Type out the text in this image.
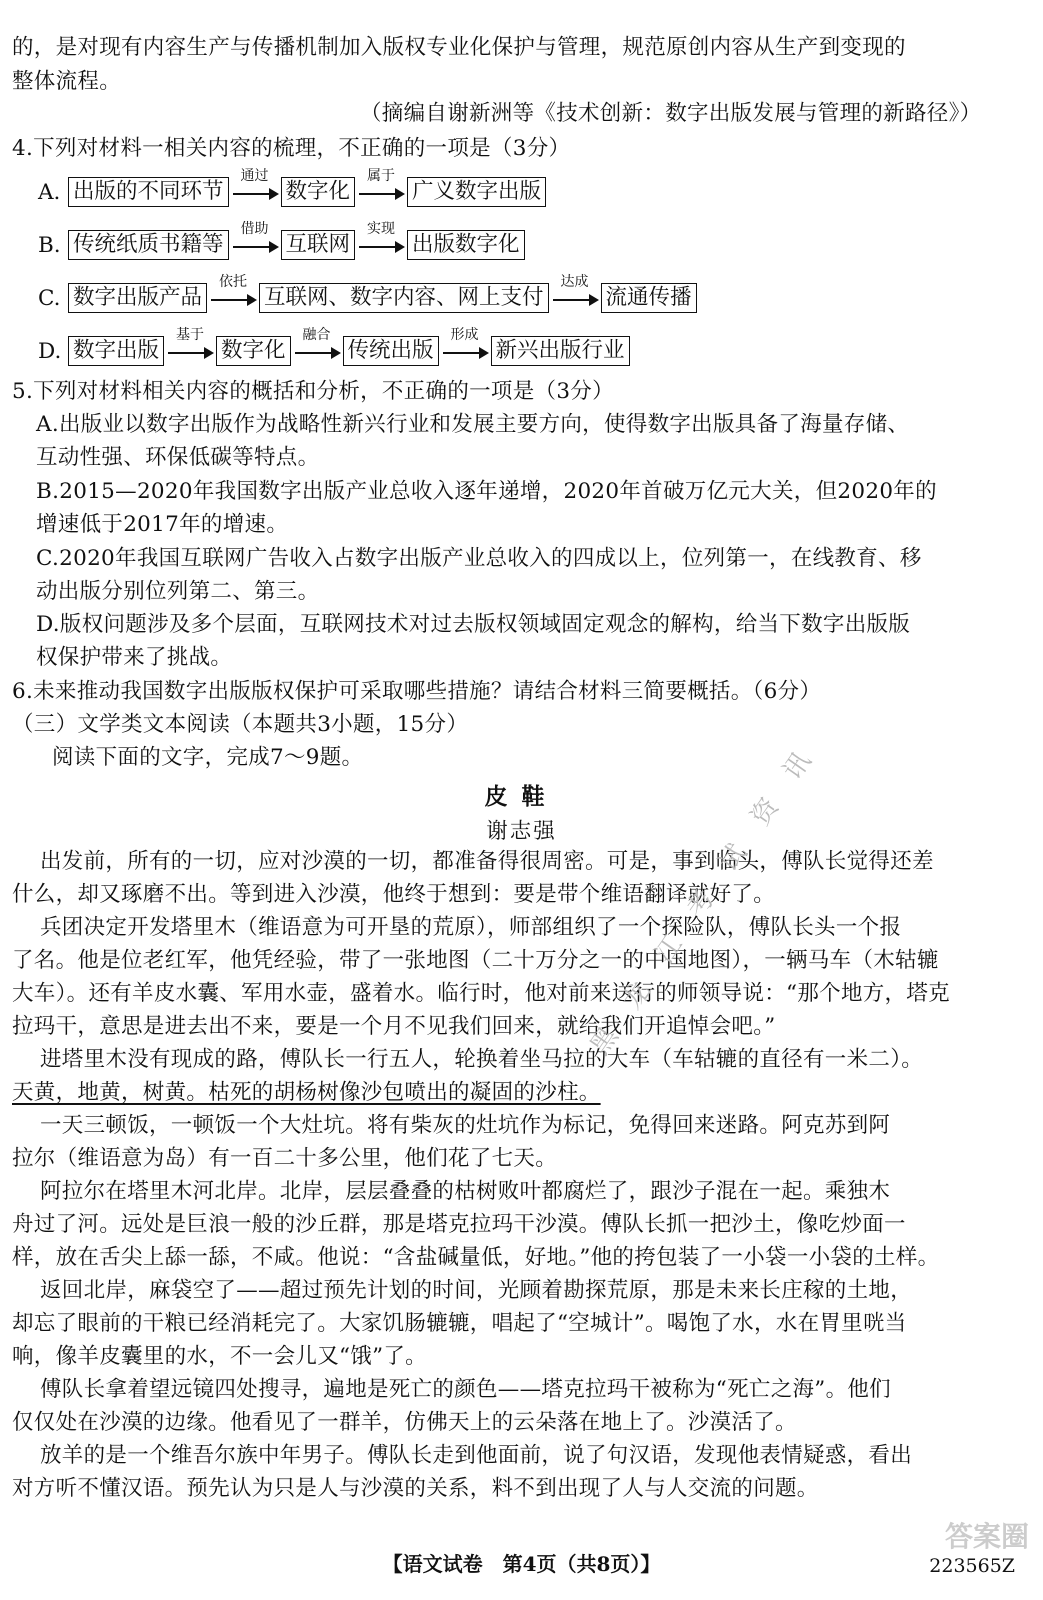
的，是对现有内容生产与传播机制加入版权专业化保护与管理，规范原创内容从生产到变现的
整体流程。
（摘编自谢新洲等《技术创新：数字出版发展与管理的新路径》）
4.下列对材料一相关内容的梳理，不正确的一项是（3分）
A. 出版的不同环节
通过
数字化
属于
广义数字出版
B. 传统纸质书籍等
借助
互联网
实现
出版数字化
C. 数字出版产品
依托
互联网、数字内容、网上支付
达成
流通传播
D. 数字出版
基于
数字化
融合
传统出版
形成
新兴出版行业
5.下列对材料相关内容的概括和分析，不正确的一项是（3分）
A.出版业以数字出版作为战略性新兴行业和发展主要方向，使得数字出版具备了海量存储、
互动性强、环保低碳等特点。
B.2015—2020年我国数字出版产业总收入逐年递增，2020年首破万亿元大关，但2020年的
增速低于2017年的增速。
C.2020年我国互联网广告收入占数字出版产业总收入的四成以上，位列第一，在线教育、移
动出版分别位列第二、第三。
D.版权问题涉及多个层面，互联网技术对过去版权领域固定观念的解构，给当下数字出版版
权保护带来了挑战。
6.未来推动我国数字出版版权保护可采取哪些措施？请结合材料三简要概括。（6分）
（三）文学类文本阅读（本题共3小题，15分）
阅读下面的文字，完成7～9题。
皮鞋
谢志强
出发前，所有的一切，应对沙漠的一切，都准备得很周密。可是，事到临头，傅队长觉得还差
什么，却又琢磨不出。等到进入沙漠，他终于想到：要是带个维语翻译就好了。
兵团决定开发塔里木（维语意为可开垦的荒原），师部组织了一个探险队，傅队长头一个报
了名。他是位老红军，他凭经验，带了一张地图（二十万分之一的中国地图），一辆马车（木轱辘
大车）。还有羊皮水囊、军用水壶，盛着水。临行时，他对前来送行的师领导说：“那个地方，塔克
拉玛干，意思是进去出不来，要是一个月不见我们回来，就给我们开追悼会吧。”
进塔里木没有现成的路，傅队长一行五人，轮换着坐马拉的大车（车轱辘的直径有一米二）。
天黄，地黄，树黄。枯死的胡杨树像沙包喷出的凝固的沙柱。
一天三顿饭，一顿饭一个大灶坑。将有柴灰的灶坑作为标记，免得回来迷路。阿克苏到阿
拉尔（维语意为岛）有一百二十多公里，他们花了七天。
阿拉尔在塔里木河北岸。北岸，层层叠叠的枯树败叶都腐烂了，跟沙子混在一起。乘独木
舟过了河。远处是巨浪一般的沙丘群，那是塔克拉玛干沙漠。傅队长抓一把沙土，像吃炒面一
样，放在舌尖上舔一舔，不咸。他说：“含盐碱量低，好地。”他的挎包装了一小袋一小袋的土样。
返回北岸，麻袋空了——超过预先计划的时间，光顾着勘探荒原，那是未来长庄稼的土地，
却忘了眼前的干粮已经消耗完了。大家饥肠辘辘，唱起了“空城计”。喝饱了水，水在胃里咣当
响，像羊皮囊里的水，不一会儿又“饿”了。
傅队长拿着望远镜四处搜寻，遍地是死亡的颜色——塔克拉玛干被称为“死亡之海”。他们
仅仅处在沙漠的边缘。他看见了一群羊，仿佛天上的云朵落在地上了。沙漠活了。
放羊的是一个维吾尔族中年男子。傅队长走到他面前，说了句汉语，发现他表情疑惑，看出
对方听不懂汉语。预先认为只是人与沙漠的关系，料不到出现了人与人交流的问题。
黑龙江考试资讯
答案圈
【语文试卷　第4页（共8页）】	223565Z
